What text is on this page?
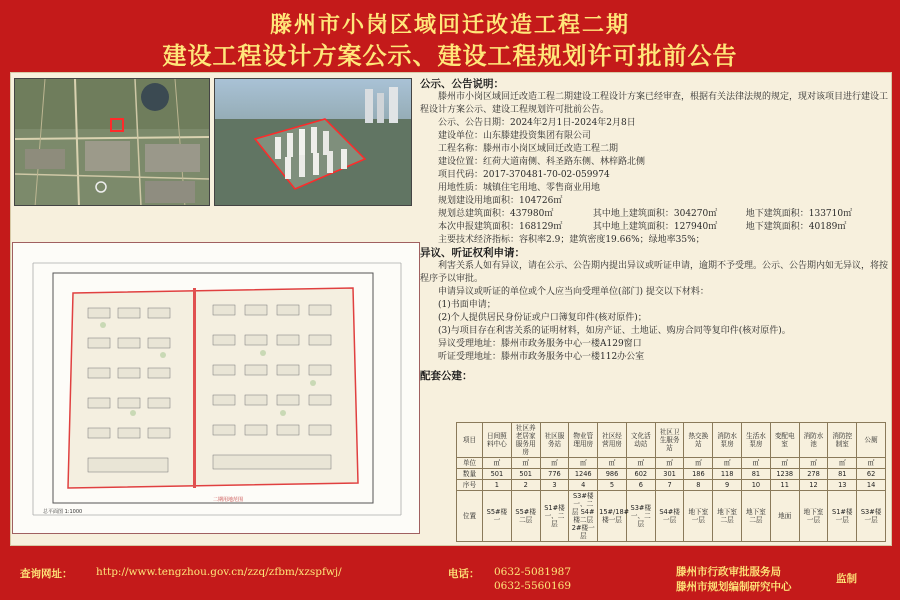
滕州市小岗区域回迁改造工程二期
建设工程设计方案公示、建设工程规划许可批前公告
总平面图 1:1000
二期用地范围
公示、公告说明：
滕州市小岗区域回迁改造工程二期建设工程设计方案已经审查，根据有关法律法规的规定，现对该项目进行建设工程设计方案公示、建设工程规划许可批前公告。
公示、公告日期：2024年2月1日-2024年2月8日
建设单位：山东滕建投资集团有限公司
工程名称：滕州市小岗区域回迁改造工程二期
建设位置：红荷大道南侧、科圣路东侧、林梓路北侧
项目代码：2017-370481-70-02-059974
用地性质：城镇住宅用地、零售商业用地
规划建设用地面积：104726㎡
规划总建筑面积：437980㎡	其中地上建筑面积：304270㎡	地下建筑面积：133710㎡
本次申报建筑面积：168129㎡	其中地上建筑面积：127940㎡	地下建筑面积：40189㎡
主要技术经济指标：容积率2.9；建筑密度19.66%；绿地率35%；
异议、听证权利申请：
利害关系人如有异议，请在公示、公告期内提出异议或听证申请，逾期不予受理。公示、公告期内如无异议，将按程序予以审批。
申请异议或听证的单位或个人应当向受理单位(部门) 提交以下材料：
(1)书面申请；
(2)个人提供居民身份证或户口簿复印件(核对原件)；
(3)与项目存在利害关系的证明材料，如房产证、土地证、购房合同等复印件(核对原件)。
异议受理地址：滕州市政务服务中心一楼A129窗口
听证受理地址：滕州市政务服务中心一楼112办公室
配套公建：
项目	日间照料中心	社区养老居家服务用房	社区服务站	物业管理用房	社区经营用房	文化活动站	社区卫生服务站	热交换站	消防水泵房	生活水泵房	变配电室	消防水池	消防控制室	公厕
单位	㎡	㎡	㎡	㎡	㎡	㎡	㎡	㎡	㎡	㎡	㎡	㎡	㎡	㎡
数量	501	501	776	1246	986	602	301	186	118	81	1238	278	81	62
序号	1	2	3	4	5	6	7	8	9	10	11	12	13	14
位置	S5#楼一	S5#楼二层	S1#楼一、二层	S3#楼一、二层 S4#楼二层 2#楼一层	15#/18#楼一层	S3#楼一、二层	S4#楼一层	地下室一层	地下室二层	地下室二层	地面	地下室一层	S1#楼一层	S3#楼一层
查询网址： http://www.tengzhou.gov.cn/zzq/zfbm/xzspfwj/	电话： 0632-5081987
0632-5560169
滕州市行政审批服务局
滕州市规划编制研究中心
监制
